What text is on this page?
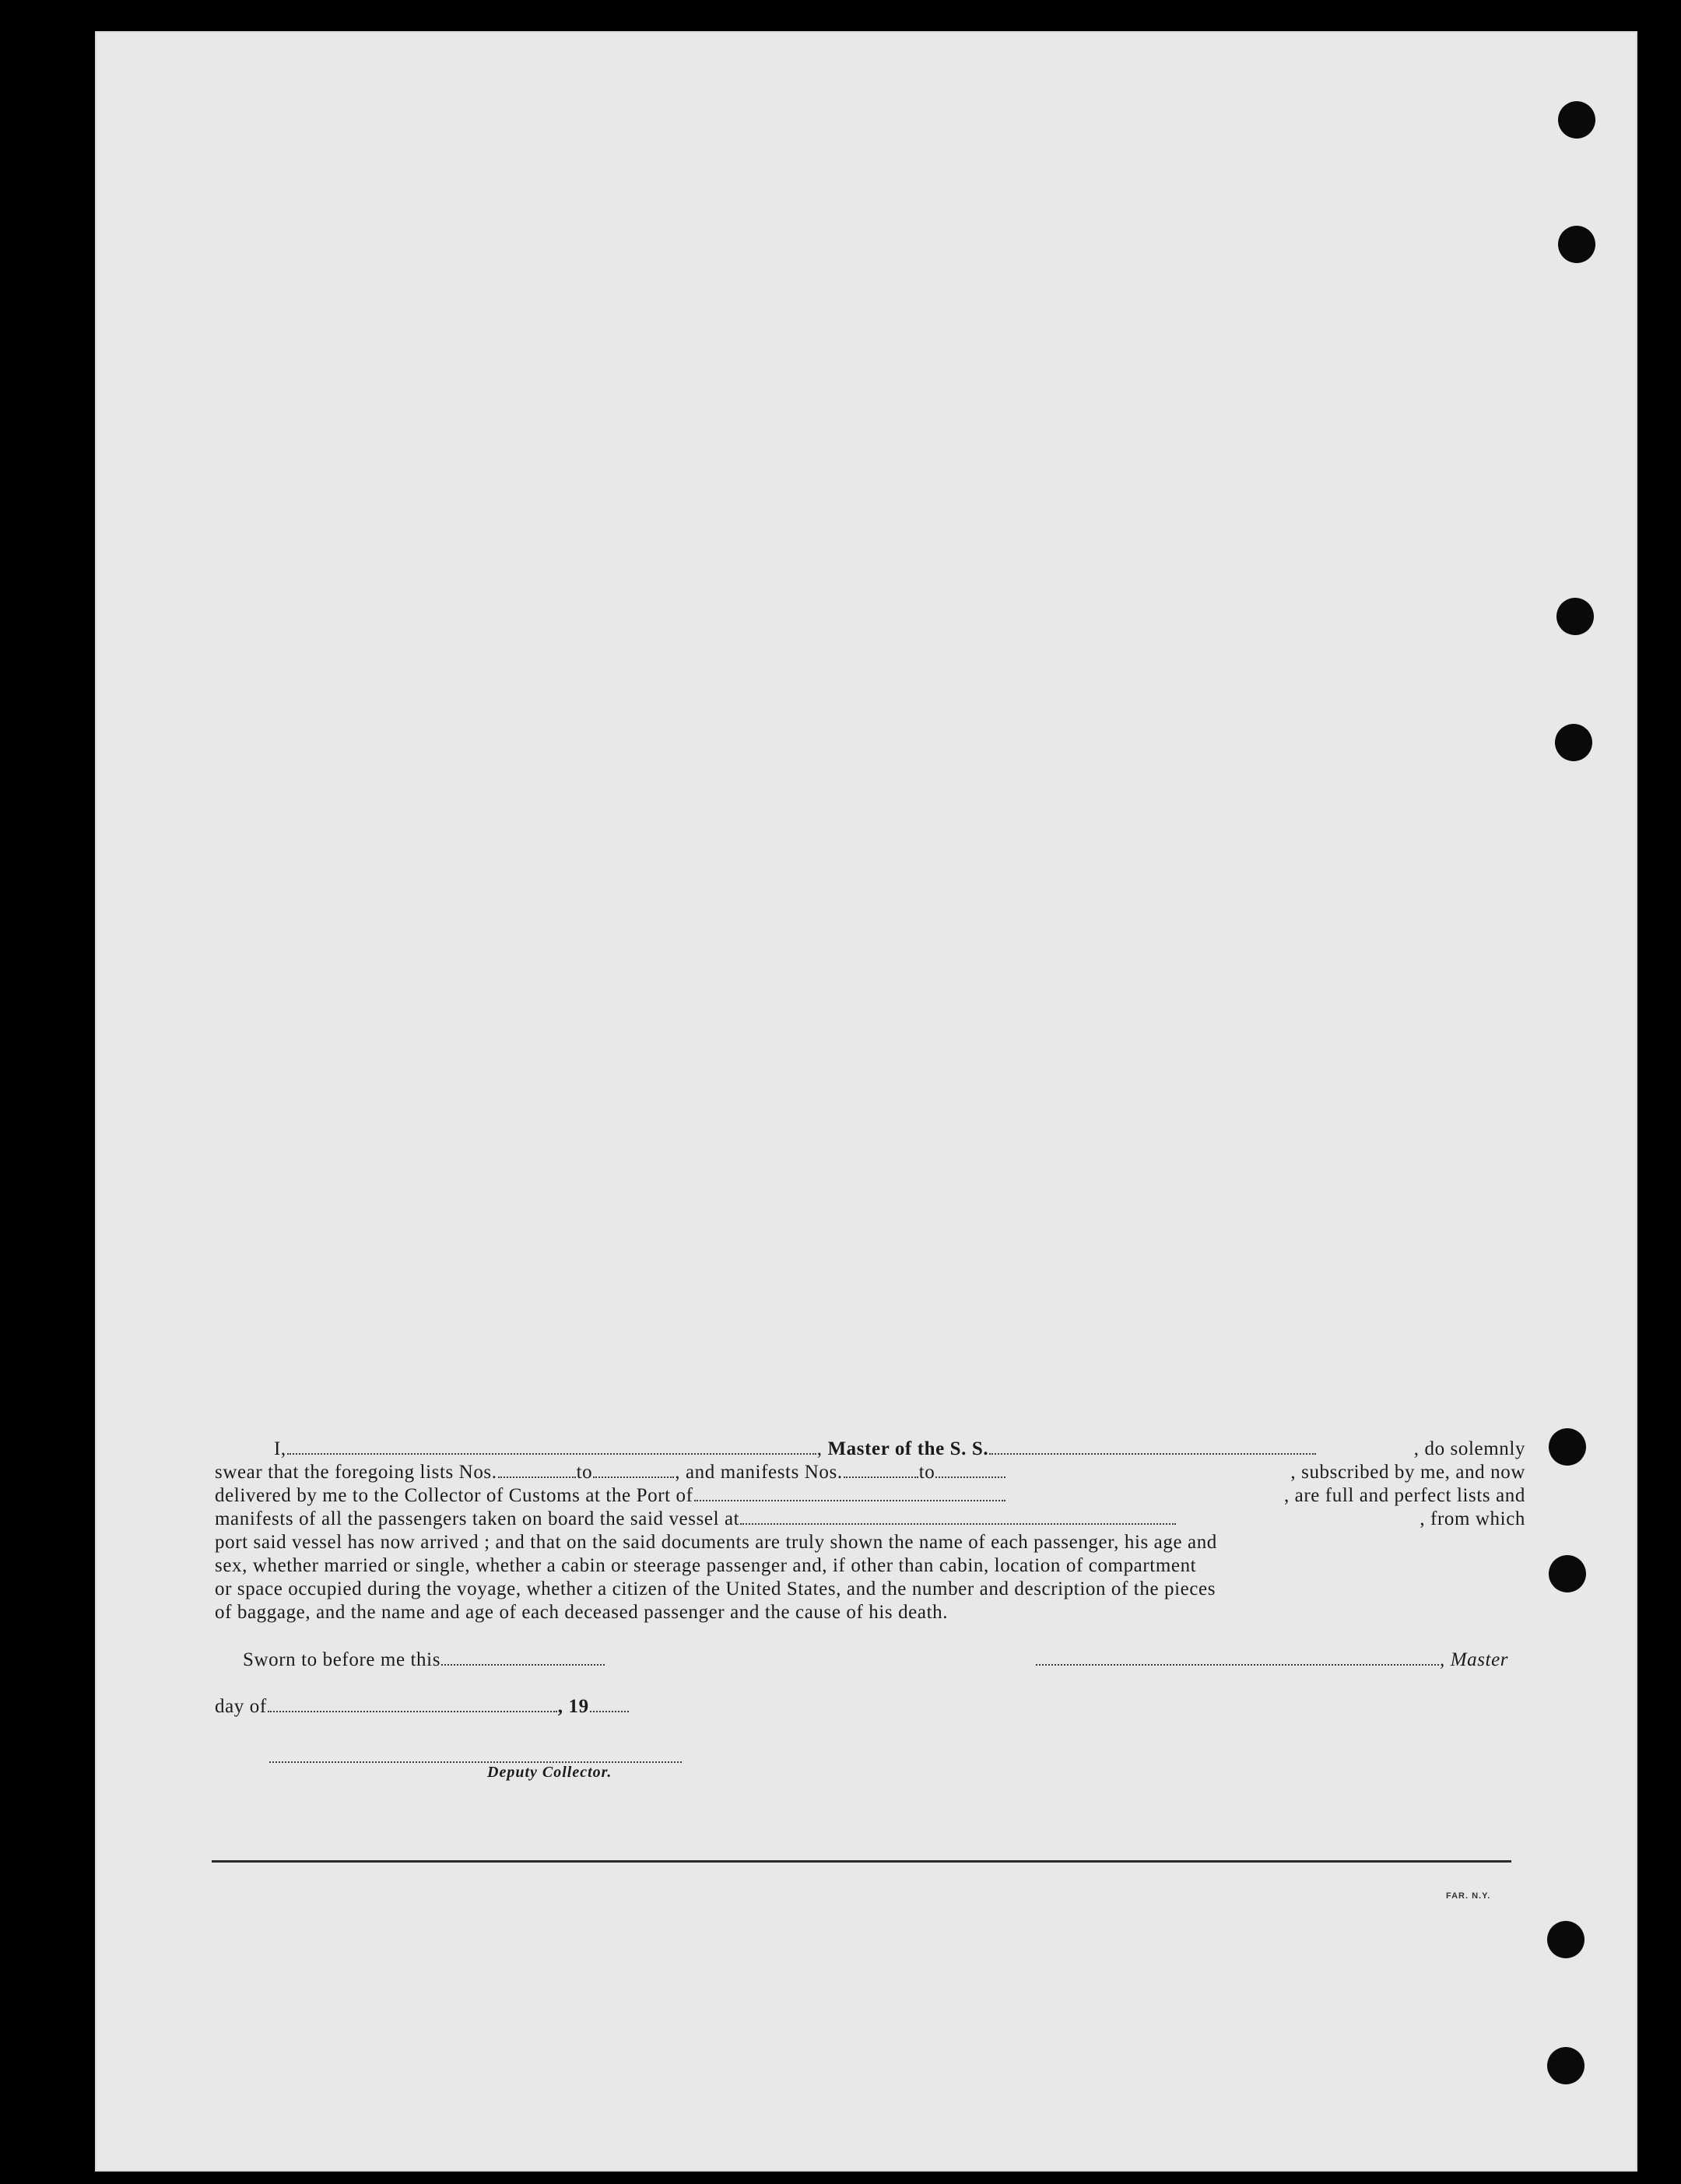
I,	, Master of the S. S.	, do solemnly
swear that the foregoing lists Nos.	to	, and manifests Nos.	to	, subscribed by me, and now
delivered by me to the Collector of Customs at the Port of	, are full and perfect lists and
manifests of all the passengers taken on board the said vessel at	, from which
port said vessel has now arrived ; and that on the said documents are truly shown the name of each passenger, his age and
sex, whether married or single, whether a cabin or steerage passenger and, if other than cabin, location of compartment
or space occupied during the voyage, whether a citizen of the United States, and the number and description of the pieces
of baggage, and the name and age of each deceased passenger and the cause of his death.
Sworn to before me this	, Master
day of	, 19
Deputy Collector.
FAR. N.Y.
